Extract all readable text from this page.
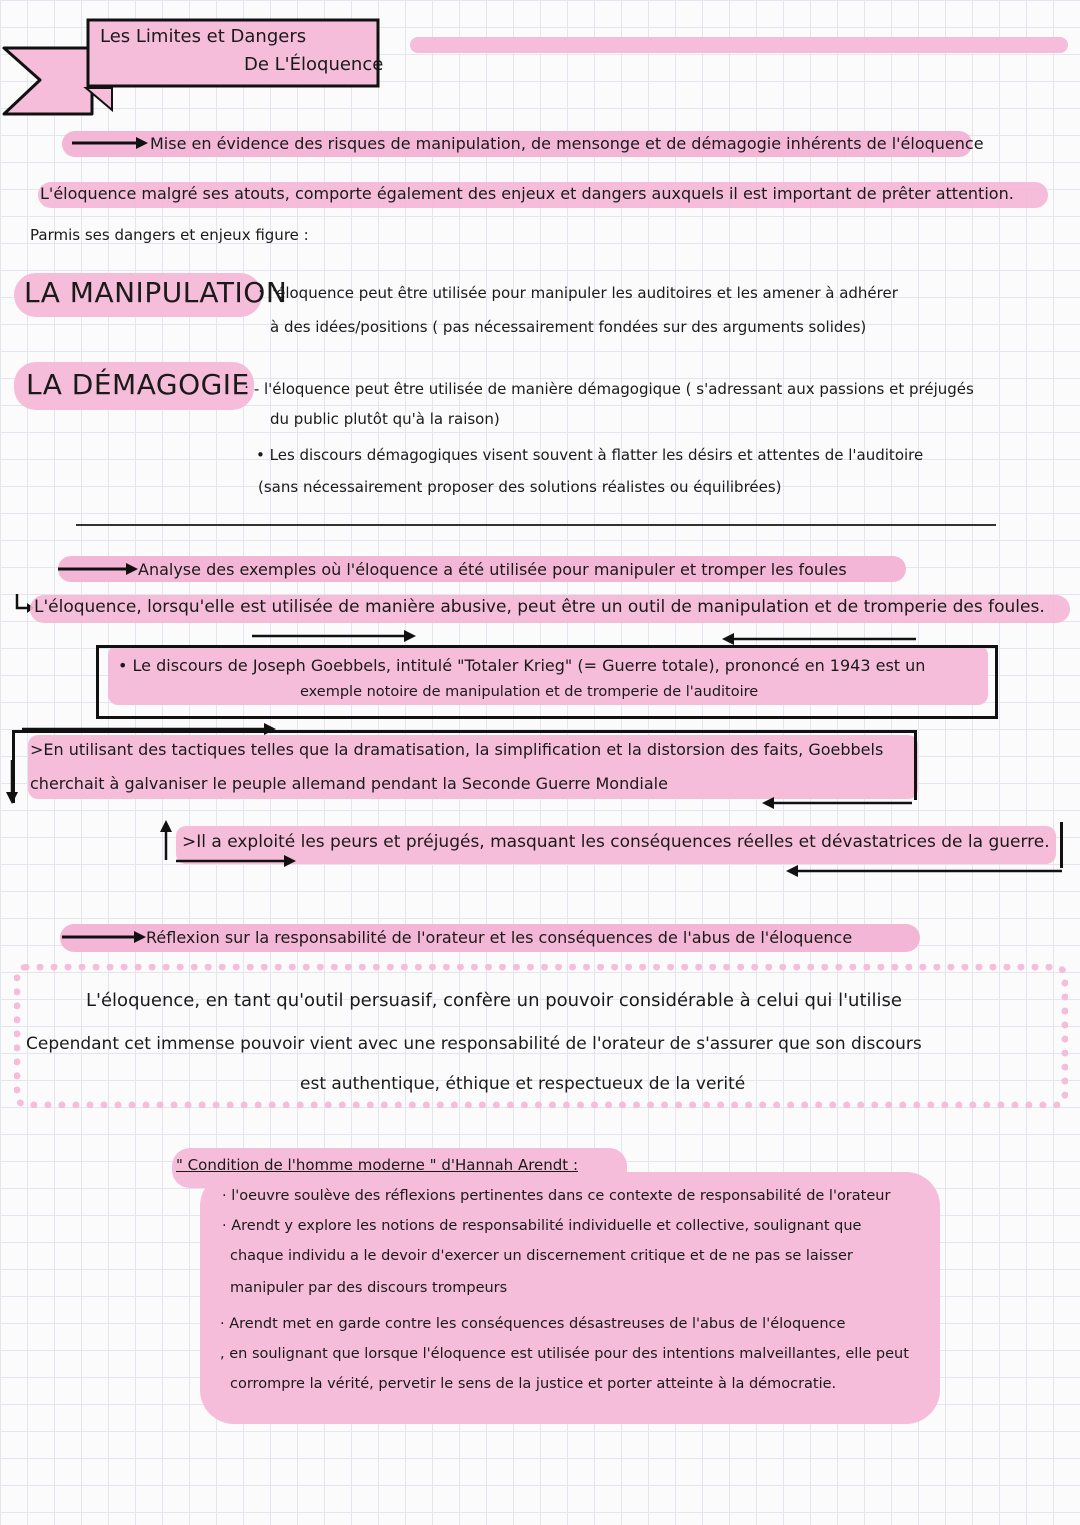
Les Limites et Dangers
De L'Éloquence
Mise en évidence des risques de manipulation, de mensonge et de démagogie inhérents de l'éloquence
L'éloquence malgré ses atouts, comporte également des enjeux et dangers auxquels il est important de prêter attention.
Parmis ses dangers et enjeux figure :
LA MANIPULATION
: l'éloquence peut être utilisée pour manipuler les auditoires et les amener à adhérer
à des idées/positions ( pas nécessairement fondées sur des arguments solides)
LA DÉMAGOGIE
: - l'éloquence peut être utilisée de manière démagogique ( s'adressant aux passions et préjugés
du public plutôt qu'à la raison)
• Les discours démagogiques visent souvent à flatter les désirs et attentes de l'auditoire
(sans nécessairement proposer des solutions réalistes ou équilibrées)
Analyse des exemples où l'éloquence a été utilisée pour manipuler et tromper les foules
L'éloquence, lorsqu'elle est utilisée de manière abusive, peut être un outil de manipulation et de tromperie des foules.
• Le discours de Joseph Goebbels, intitulé "Totaler Krieg" (= Guerre totale), prononcé en 1943 est un
exemple notoire de manipulation et de tromperie de l'auditoire
>En utilisant des tactiques telles que la dramatisation, la simplification et la distorsion des faits, Goebbels
cherchait à galvaniser le peuple allemand pendant la Seconde Guerre Mondiale
>Il a exploité les peurs et préjugés, masquant les conséquences réelles et dévastatrices de la guerre.
Réflexion sur la responsabilité de l'orateur et les conséquences de l'abus de l'éloquence
L'éloquence, en tant qu'outil persuasif, confère un pouvoir considérable à celui qui l'utilise
Cependant cet immense pouvoir vient avec une responsabilité de l'orateur de s'assurer que son discours
est authentique, éthique et respectueux de la verité
" Condition de l'homme moderne " d'Hannah Arendt :
· l'oeuvre soulève des réflexions pertinentes dans ce contexte de responsabilité de l'orateur
· Arendt y explore les notions de responsabilité individuelle et collective, soulignant que
chaque individu a le devoir d'exercer un discernement critique et de ne pas se laisser
manipuler par des discours trompeurs
· Arendt met en garde contre les conséquences désastreuses de l'abus de l'éloquence
, en soulignant que lorsque l'éloquence est utilisée pour des intentions malveillantes, elle peut
corrompre la vérité, pervetir le sens de la justice et porter atteinte à la démocratie.
